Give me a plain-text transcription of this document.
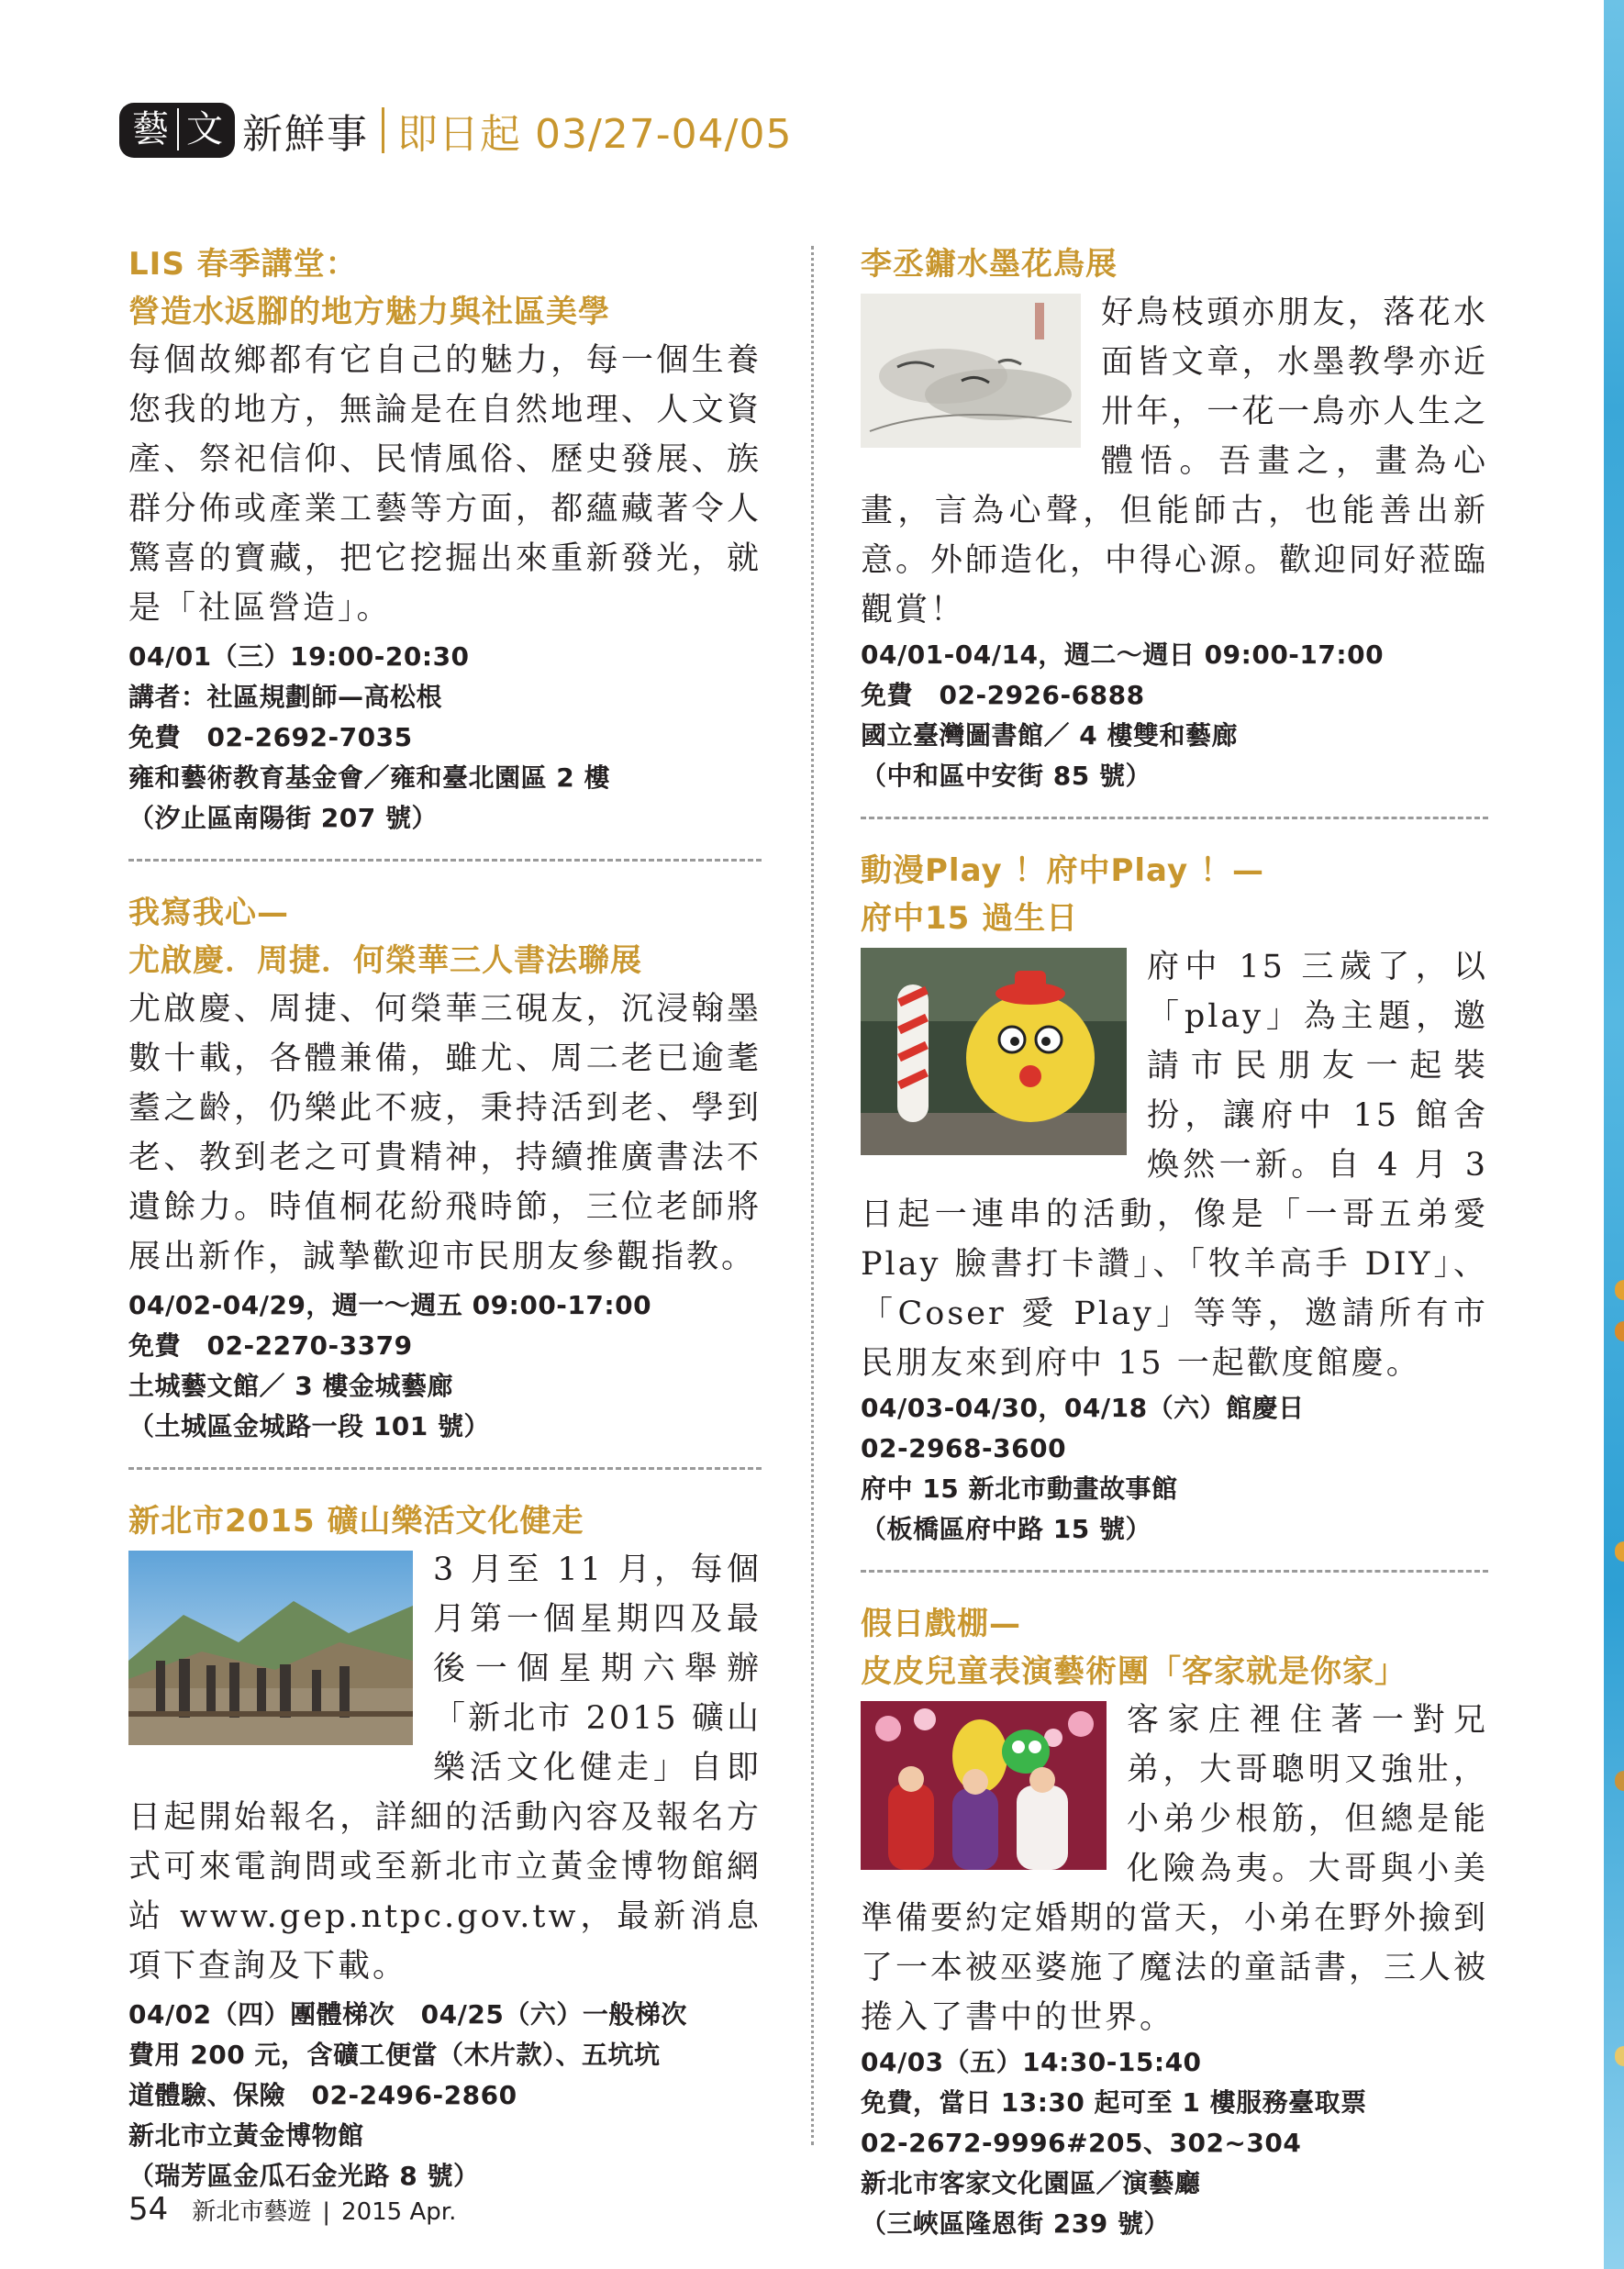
藝 文 新鮮事 即日起 03/27-04/05
LIS 春季講堂：
營造水返腳的地方魅力與社區美學
每個故鄉都有它自己的魅力，每一個生養您我的地方，無論是在自然地理、人文資產、祭祀信仰、民情風俗、歷史發展、族群分佈或產業工藝等方面，都蘊藏著令人驚喜的寶藏，把它挖掘出來重新發光，就是「社區營造」。
04/01（三）19:00-20:30
講者：社區規劃師—高松根
免費　02-2692-7035
雍和藝術教育基金會／雍和臺北園區 2 樓
（汐止區南陽街 207 號）
我寫我心—
尤啟慶．周捷．何榮華三人書法聯展
尤啟慶、周捷、何榮華三硯友，沉浸翰墨數十載，各體兼備，雖尤、周二老已逾耄耋之齡，仍樂此不疲，秉持活到老、學到老、教到老之可貴精神，持續推廣書法不遺餘力。時值桐花紛飛時節，三位老師將展出新作，誠摯歡迎市民朋友參觀指教。
04/02-04/29，週一～週五 09:00-17:00
免費　02-2270-3379
土城藝文館／ 3 樓金城藝廊
（土城區金城路一段 101 號）
新北市2015 礦山樂活文化健走
3 月至 11 月，每個月第一個星期四及最後一個星期六舉辦「新北市 2015 礦山樂活文化健走」自即日起開始報名，詳細的活動內容及報名方式可來電詢問或至新北市立黃金博物館網站 www.gep.ntpc.gov.tw，最新消息項下查詢及下載。
04/02（四）團體梯次　04/25（六）一般梯次
費用 200 元，含礦工便當（木片款）、五坑坑
道體驗、保險　02-2496-2860
新北市立黃金博物館
（瑞芳區金瓜石金光路 8 號）
李丞鏞水墨花鳥展
好鳥枝頭亦朋友，落花水面皆文章，水墨教學亦近卅年，一花一鳥亦人生之體悟。吾畫之，畫為心畫，言為心聲，但能師古，也能善出新意。外師造化，中得心源。歡迎同好蒞臨觀賞！
04/01-04/14，週二～週日 09:00-17:00
免費　02-2926-6888
國立臺灣圖書館／ 4 樓雙和藝廊
（中和區中安街 85 號）
動漫Play ！府中Play ！—
府中15 過生日
府中 15 三歲了，以「play」為主題，邀請市民朋友一起裝扮，讓府中 15 館舍煥然一新。自 4 月 3 日起一連串的活動，像是「一哥五弟愛 Play 臉書打卡讚」、「牧羊高手 DIY」、「Coser 愛 Play」等等，邀請所有市民朋友來到府中 15 一起歡度館慶。
04/03-04/30，04/18（六）館慶日
02-2968-3600
府中 15 新北市動畫故事館
（板橋區府中路 15 號）
假日戲棚—
皮皮兒童表演藝術團「客家就是你家」
客家庄裡住著一對兄弟，大哥聰明又強壯，小弟少根筋，但總是能化險為夷。大哥與小美準備要約定婚期的當天，小弟在野外撿到了一本被巫婆施了魔法的童話書，三人被捲入了書中的世界。
04/03（五）14:30-15:40
免費，當日 13:30 起可至 1 樓服務臺取票
02-2672-9996#205、302~304
新北市客家文化園區／演藝廳
（三峽區隆恩街 239 號）
54 新北市藝遊 | 2015 Apr.
